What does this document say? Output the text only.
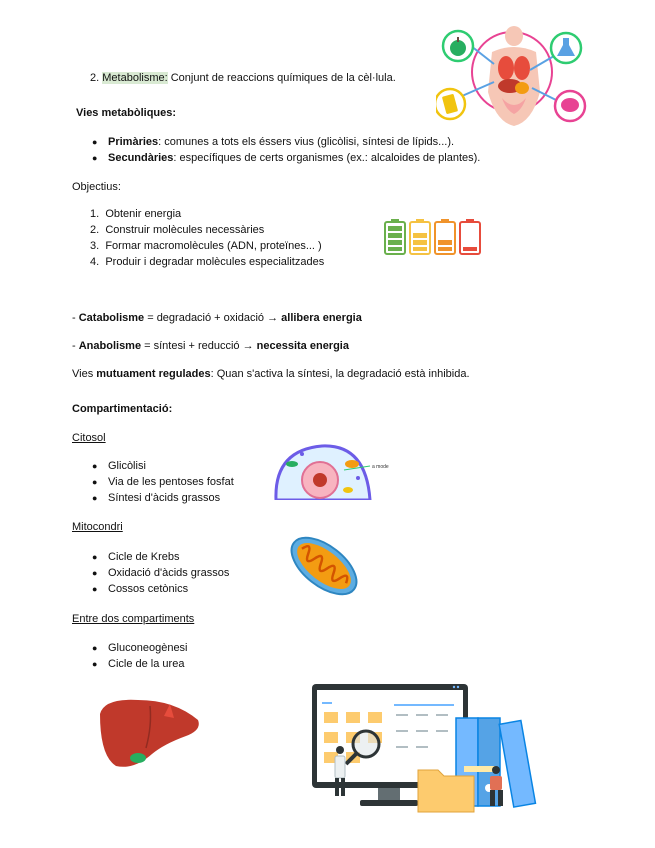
2. Metabolisme: Conjunt de reaccions químiques de la cèl·lula.
Vies metabòliques:
● Primàries: comunes a tots els éssers vius (glicòlisi, síntesi de lípids...).
● Secundàries: específiques de certs organismes (ex.: alcaloides de plantes).
Objectius:
1. Obtenir energia
2. Construir molècules necessàries
3. Formar macromolècules (ADN, proteïnes... )
4. Produir i degradar molècules especialitzades
- Catabolisme = degradació + oxidació → allibera energia
- Anabolisme = síntesi + reducció → necessita energia
Vies mutuament regulades: Quan s'activa la síntesi, la degradació està inhibida.
Compartimentació:
Citosol
● Glicòlisi
● Via de les pentoses fosfat
● Síntesi d'àcids grassos
a mode
Mitocondri
● Cicle de Krebs
● Oxidació d'àcids grassos
● Cossos cetònics
Entre dos compartiments
● Gluconeogènesi
● Cicle de la urea
